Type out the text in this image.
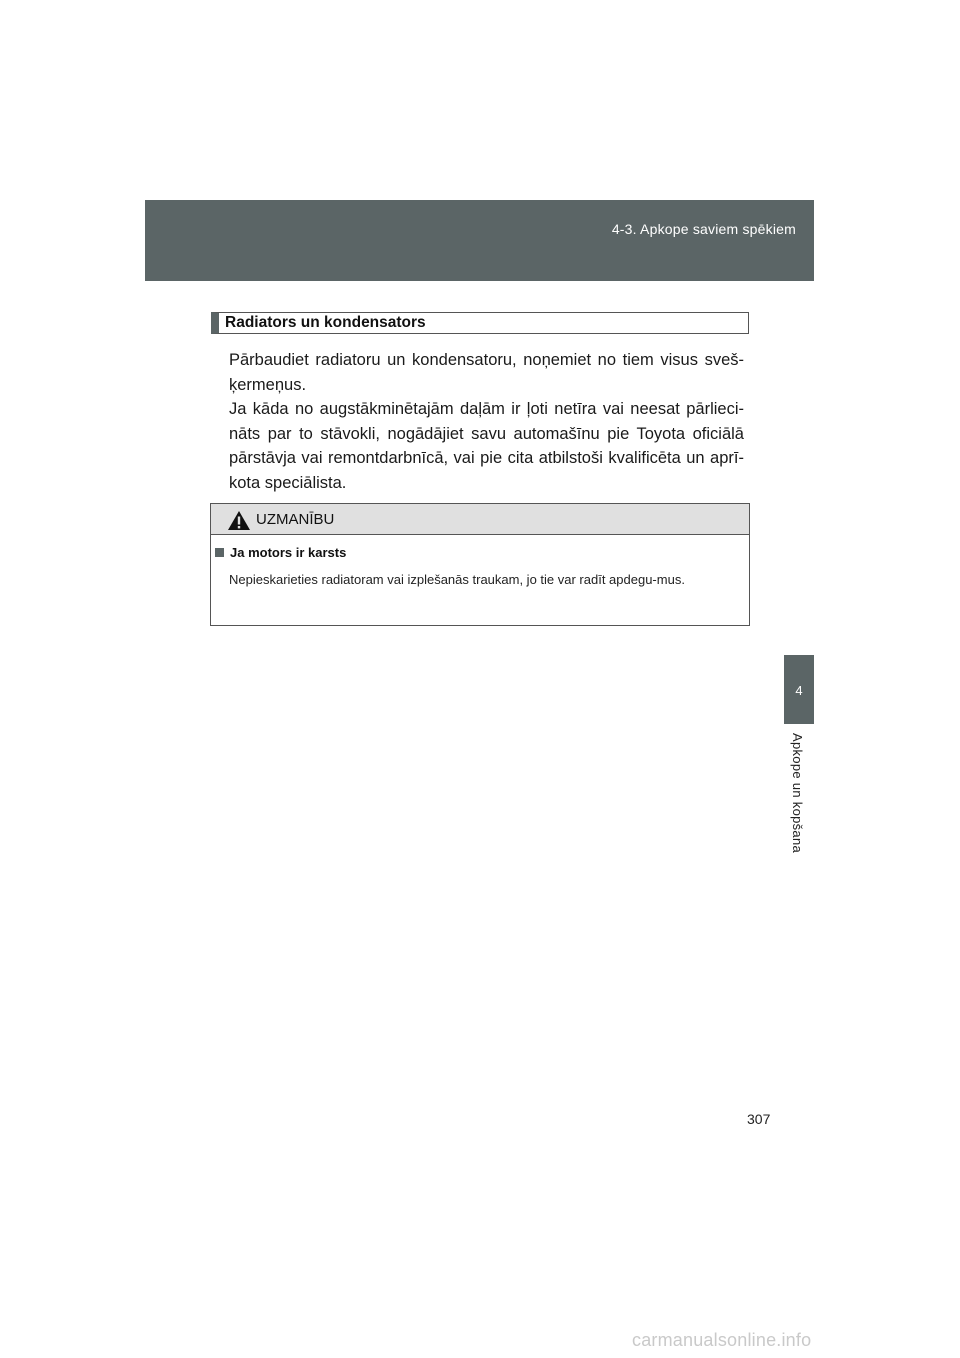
4-3. Apkope saviem spēkiem
4
Apkope un kopšana
Radiators un kondensators

Pārbaudiet radiatoru un kondensatoru, noņemiet no tiem visus sveš-ķermeņus.

Ja kāda no augstākminētajām daļām ir ļoti netīra vai neesat pārlieci-nāts par to stāvokli, nogādājiet savu automašīnu pie Toyota oficiālā pārstāvja vai remontdarbnīcā, vai pie cita atbilstoši kvalificēta un aprī-kota speciālista.

UZMANĪBU
Ja motors ir karsts

Nepieskarieties radiatoram vai izplešanās traukam, jo tie var radīt apdegu-mus.

307
carmanualsonline.info
